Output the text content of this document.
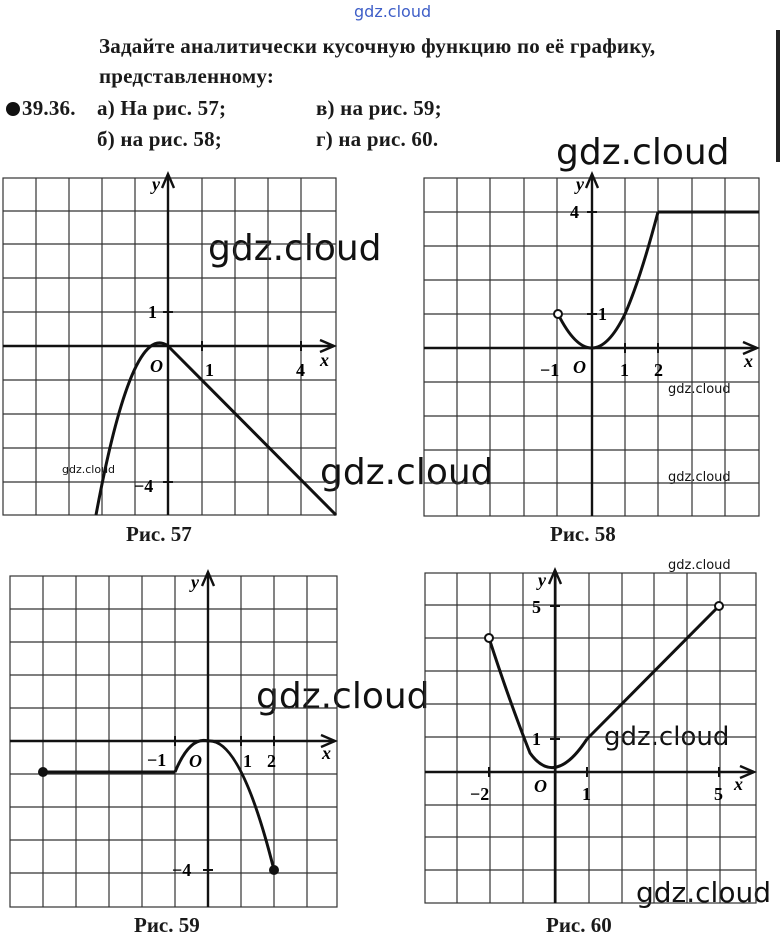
gdz.cloud
Задайте аналитически кусочную функцию по её графику,
представленному:
39.36. а) На рис. 57;	в) на рис. 59;
б) на рис. 58;	г) на рис. 60.	gdz.cloud
gdz.cloud
gdz.cloud
gdz.cloud
gdz.cloud
gdz.cloud
gdz.cloud
gdz.cloud
gdz.cloud
gdz.cloud
y
x
O
1
1	4
−4
Рис. 57
y
x
O
4
1
−1	1 2
Рис. 58
y
x
O
−1	1 2
−4
Рис. 59
y
x
O
5
1
−2	1	5
Рис. 60
